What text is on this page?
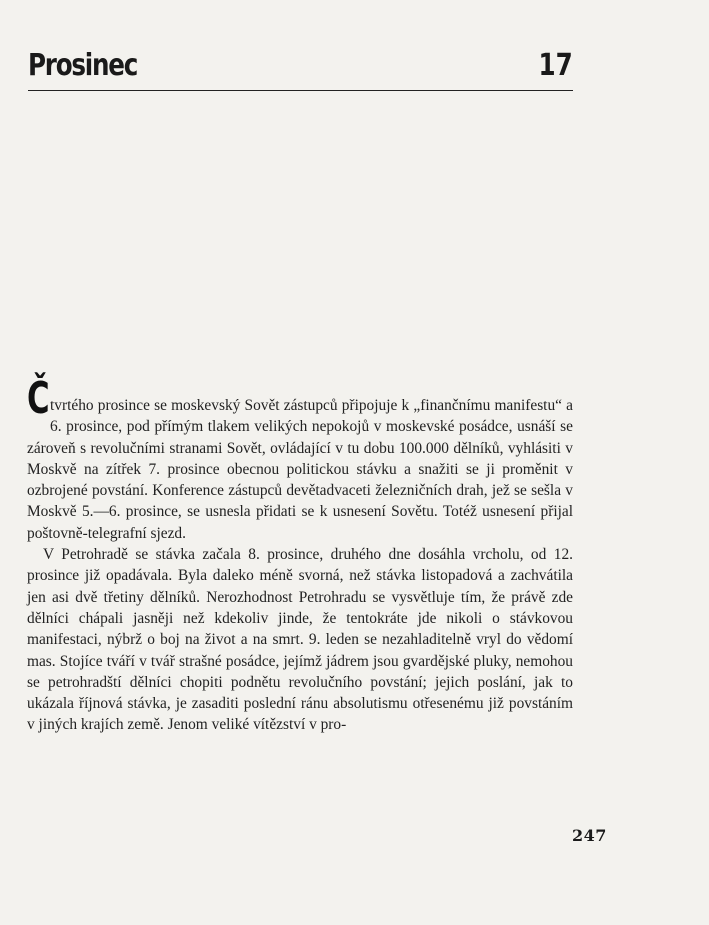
Prosinec	17

Čtvrtého prosince se moskevský Sovět zástupců připojuje k „finančnímu manifestu“ a 6. prosince, pod přímým tlakem velikých nepokojů v moskevské posádce, usnáší se zároveň s revolučními stranami Sovět, ovládající v tu dobu 100.000 dělníků, vyhlásiti v Moskvě na zítřek 7. prosince obecnou politickou stávku a snažiti se ji proměnit v ozbrojené povstání. Konference zástupců devětadvaceti železničních drah, jež se sešla v Moskvě 5.—6. prosince, se usnesla přidati se k usnesení Sovětu. Totéž usnesení přijal poštovně-telegrafní sjezd.

V Petrohradě se stávka začala 8. prosince, druhého dne dosáhla vrcholu, od 12. prosince již opadávala. Byla daleko méně svorná, než stávka listopadová a zachvátila jen asi dvě třetiny dělníků. Nerozhodnost Petrohradu se vysvětluje tím, že právě zde dělníci chápali jasněji než kdekoliv jinde, že tentokráte jde nikoli o stávkovou manifestaci, nýbrž o boj na život a na smrt. 9. leden se nezahladitelně vryl do vědomí mas. Stojíce tváří v tvář strašné posádce, jejímž jádrem jsou gvardějské pluky, nemohou se petrohradští dělníci chopiti podnětu revolučního povstání; jejich poslání, jak to ukázala říjnová stávka, je zasaditi poslední ránu absolutismu otřesenému již povstáním v jiných krajích země. Jenom veliké vítězství v pro-

247
